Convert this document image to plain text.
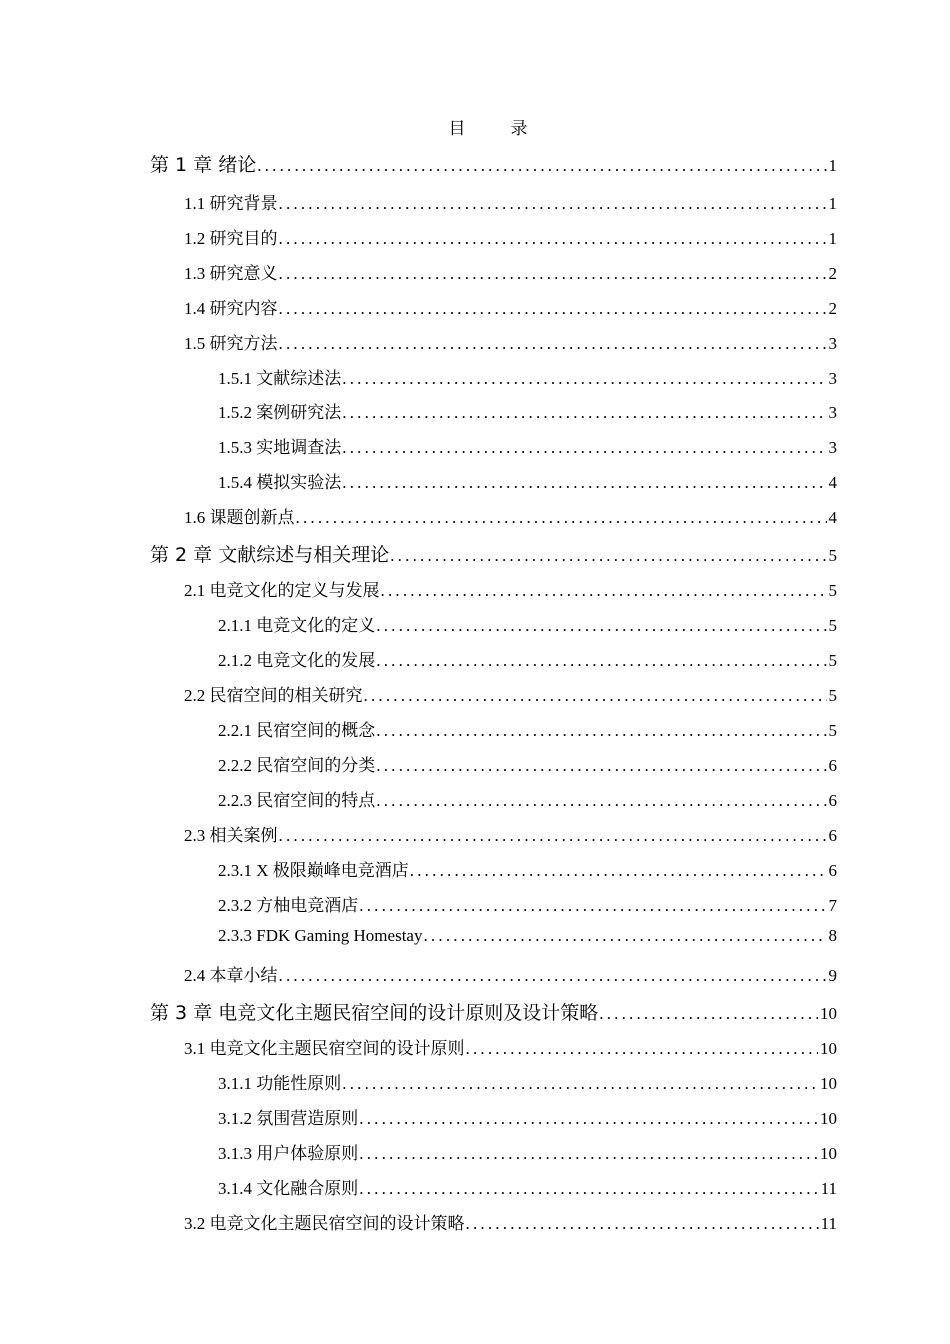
目　录
第 1 章 绪论 .....	1
1.1 研究背景 .....	1
1.2 研究目的 .....	1
1.3 研究意义 .....	2
1.4 研究内容 .....	2
1.5 研究方法 .....	3
1.5.1 文献综述法 .....	3
1.5.2 案例研究法 .....	3
1.5.3 实地调查法 .....	3
1.5.4 模拟实验法 .....	4
1.6 课题创新点 .....	4
第 2 章 文献综述与相关理论 .....	5
2.1 电竞文化的定义与发展 .....	5
2.1.1 电竞文化的定义 .....	5
2.1.2 电竞文化的发展 .....	5
2.2 民宿空间的相关研究 .....	5
2.2.1 民宿空间的概念 .....	5
2.2.2 民宿空间的分类 .....	6
2.2.3 民宿空间的特点 .....	6
2.3 相关案例 .....	6
2.3.1 X 极限巅峰电竞酒店 .....	6
2.3.2 方柚电竞酒店 .....	7
2.3.3 FDK Gaming Homestay .....	8
2.4 本章小结 .....	9
第 3 章 电竞文化主题民宿空间的设计原则及设计策略 .....	10
3.1 电竞文化主题民宿空间的设计原则 .....	10
3.1.1 功能性原则 .....	10
3.1.2 氛围营造原则 .....	10
3.1.3 用户体验原则 .....	10
3.1.4 文化融合原则 .....	11
3.2 电竞文化主题民宿空间的设计策略 .....	11
